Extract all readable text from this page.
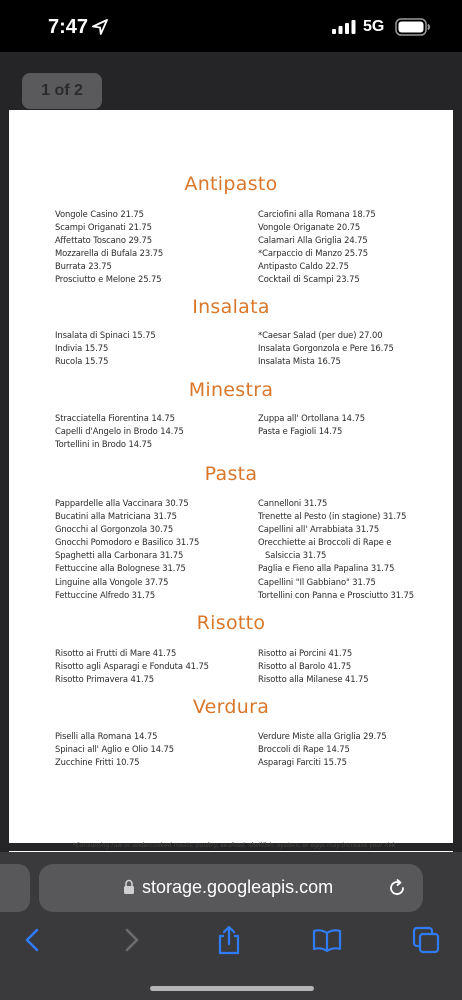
7:47	5G
1 of 2
Antipasto
Vongole Casino 21.75
Scampi Origanati 21.75
Affettato Toscano 29.75
Mozzarella di Bufala 23.75
Burrata 23.75
Prosciutto e Melone 25.75
Carciofini alla Romana 18.75
Vongole Origanate 20.75
Calamari Alla Griglia 24.75
*Carpaccio di Manzo 25.75
Antipasto Caldo 22.75
Cocktail di Scampi 23.75
Insalata
Insalata di Spinaci 15.75
Indivia 15.75
Rucola 15.75
*Caesar Salad (per due) 27.00
Insalata Gorgonzola e Pere 16.75
Insalata Mista 16.75
Minestra
Stracciatella Fiorentina 14.75
Capelli d'Angelo in Brodo 14.75
Tortellini in Brodo 14.75
Zuppa all' Ortollana 14.75
Pasta e Fagioli 14.75
Pasta
Pappardelle alla Vaccinara 30.75
Bucatini alla Matriciana 31.75
Gnocchi al Gorgonzola 30.75
Gnocchi Pomodoro e Basilico 31.75
Spaghetti alla Carbonara 31.75
Fettuccine alla Bolognese 31.75
Linguine alla Vongole 37.75
Fettuccine Alfredo 31.75
Cannelloni 31.75
Trenette al Pesto (in stagione) 31.75
Capellini all' Arrabbiata 31.75
Orecchiette ai Broccoli di Rape e
Salsiccia 31.75
Paglia e Fieno alla Papalina 31.75
Capellini "Il Gabbiano" 31.75
Tortellini con Panna e Prosciutto 31.75
Risotto
Risotto ai Frutti di Mare 41.75
Risotto agli Asparagi e Fonduta 41.75
Risotto Primavera 41.75
Risotto ai Porcini 41.75
Risotto al Barolo 41.75
Risotto alla Milanese 41.75
Verdura
Piselli alla Romana 14.75
Spinaci all' Aglio e Olio 14.75
Zucchine Fritti 10.75
Verdure Miste alla Griglia 29.75
Broccoli di Rape 14.75
Asparagi Farciti 15.75
*Consuming raw or undercooked meats, poultry, seafood, shellfish, oysters, or eggs may increase your risk
storage.googleapis.com
